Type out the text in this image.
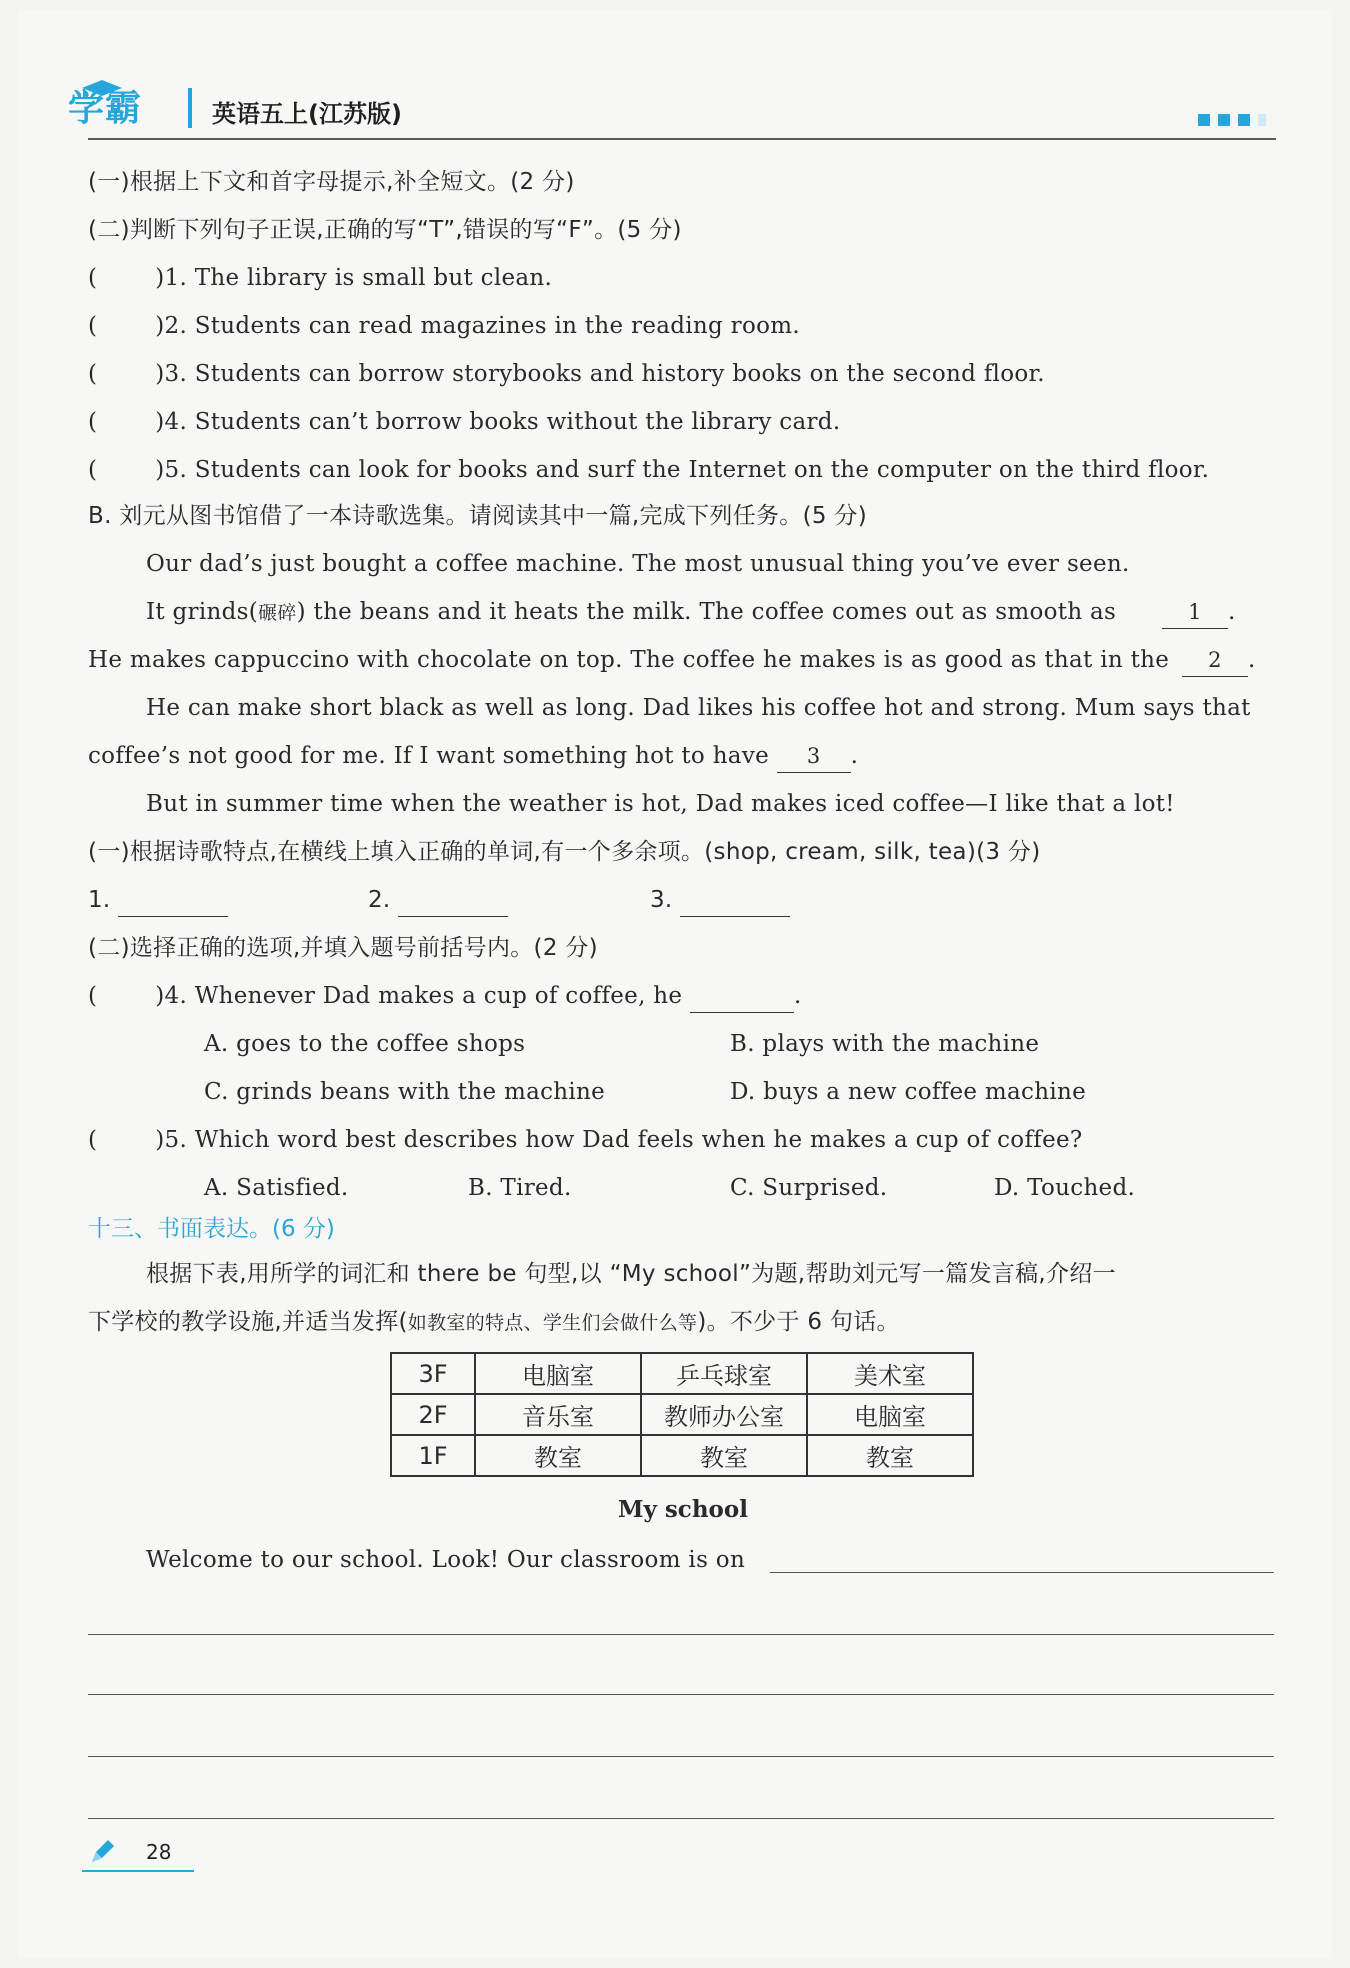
学霸	英语五上(江苏版)
(一)根据上下文和首字母提示,补全短文。(2 分)
(二)判断下列句子正误,正确的写“T”,错误的写“F”。(5 分)
(	)1. The library is small but clean.
(	)2. Students can read magazines in the reading room.
(	)3. Students can borrow storybooks and history books on the second floor.
(	)4. Students can’t borrow books without the library card.
(	)5. Students can look for books and surf the Internet on the computer on the third floor.
B. 刘元从图书馆借了一本诗歌选集。请阅读其中一篇,完成下列任务。(5 分)
Our dad’s just bought a coffee machine. The most unusual thing you’ve ever seen.
It grinds(碾碎) the beans and it heats the milk. The coffee comes out as smooth as	1 .
He makes cappuccino with chocolate on top. The coffee he makes is as good as that in the	2 .
He can make short black as well as long. Dad likes his coffee hot and strong. Mum says that
coffee’s not good for me. If I want something hot to have 3 .
But in summer time when the weather is hot, Dad makes iced coffee—I like that a lot!
(一)根据诗歌特点,在横线上填入正确的单词,有一个多余项。(shop, cream, silk, tea)(3 分)
1.	2.	3.
(二)选择正确的选项,并填入题号前括号内。(2 分)
(	)4. Whenever Dad makes a cup of coffee, he	.
A. goes to the coffee shops	B. plays with the machine
C. grinds beans with the machine	D. buys a new coffee machine
(	)5. Which word best describes how Dad feels when he makes a cup of coffee?
A. Satisfied.	B. Tired.	C. Surprised.	D. Touched.
十三、书面表达。(6 分)
根据下表,用所学的词汇和 there be 句型,以 “My school”为题,帮助刘元写一篇发言稿,介绍一
下学校的教学设施,并适当发挥(如教室的特点、学生们会做什么等)。不少于 6 句话。
3F	电脑室	乒乓球室	美术室
2F	音乐室	教师办公室	电脑室
1F	教室	教室	教室
My school
Welcome to our school. Look! Our classroom is on
28
